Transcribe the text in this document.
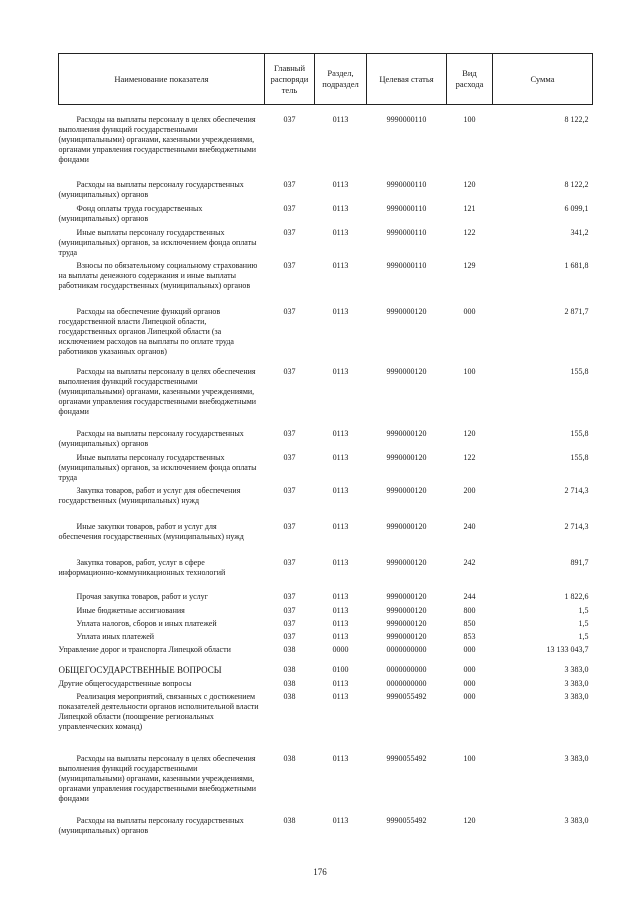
Наименование показателя	Главный распоряди тель	Раздел, подраздел	Целевая статья	Вид расхода	Сумма

Расходы на выплаты персоналу в целях обеспечения выполнения функций государственными (муниципальными) органами, казенными учреждениями, органами управления государственными внебюджетными фондами	037	0113	9990000110	100	8 122,2
Расходы на выплаты персоналу государственных (муниципальных) органов	037	0113	9990000110	120	8 122,2
Фонд оплаты труда государственных (муниципальных) органов	037	0113	9990000110	121	6 099,1
Иные выплаты персоналу государственных (муниципальных) органов, за исключением фонда оплаты труда	037	0113	9990000110	122	341,2
Взносы по обязательному социальному страхованию на выплаты денежного содержания и иные выплаты работникам государственных (муниципальных) органов	037	0113	9990000110	129	1 681,8
Расходы на обеспечение функций органов государственной власти Липецкой области, государственных органов Липецкой области (за исключением расходов на выплаты по оплате труда работников указанных органов)	037	0113	9990000120	000	2 871,7
Расходы на выплаты персоналу в целях обеспечения выполнения функций государственными (муниципальными) органами, казенными учреждениями, органами управления государственными внебюджетными фондами	037	0113	9990000120	100	155,8
Расходы на выплаты персоналу государственных (муниципальных) органов	037	0113	9990000120	120	155,8
Иные выплаты персоналу государственных (муниципальных) органов, за исключением фонда оплаты труда	037	0113	9990000120	122	155,8
Закупка товаров, работ и услуг для обеспечения государственных (муниципальных) нужд	037	0113	9990000120	200	2 714,3
Иные закупки товаров, работ и услуг для обеспечения государственных (муниципальных) нужд	037	0113	9990000120	240	2 714,3
Закупка товаров, работ, услуг в сфере информационно-коммуникационных технологий	037	0113	9990000120	242	891,7
Прочая закупка товаров, работ и услуг	037	0113	9990000120	244	1 822,6
Иные бюджетные ассигнования	037	0113	9990000120	800	1,5
Уплата налогов, сборов и иных платежей	037	0113	9990000120	850	1,5
Уплата иных платежей	037	0113	9990000120	853	1,5
Управление дорог и транспорта Липецкой области	038	0000	0000000000	000	13 133 043,7
ОБЩЕГОСУДАРСТВЕННЫЕ ВОПРОСЫ	038	0100	0000000000	000	3 383,0
Другие общегосударственные вопросы	038	0113	0000000000	000	3 383,0
Реализация мероприятий, связанных с достижением показателей деятельности органов исполнительной власти Липецкой области (поощрение региональных управленческих команд)	038	0113	9990055492	000	3 383,0
Расходы на выплаты персоналу в целях обеспечения выполнения функций государственными (муниципальными) органами, казенными учреждениями, органами управления государственными внебюджетными фондами	038	0113	9990055492	100	3 383,0
Расходы на выплаты персоналу государственных (муниципальных) органов	038	0113	9990055492	120	3 383,0
176
